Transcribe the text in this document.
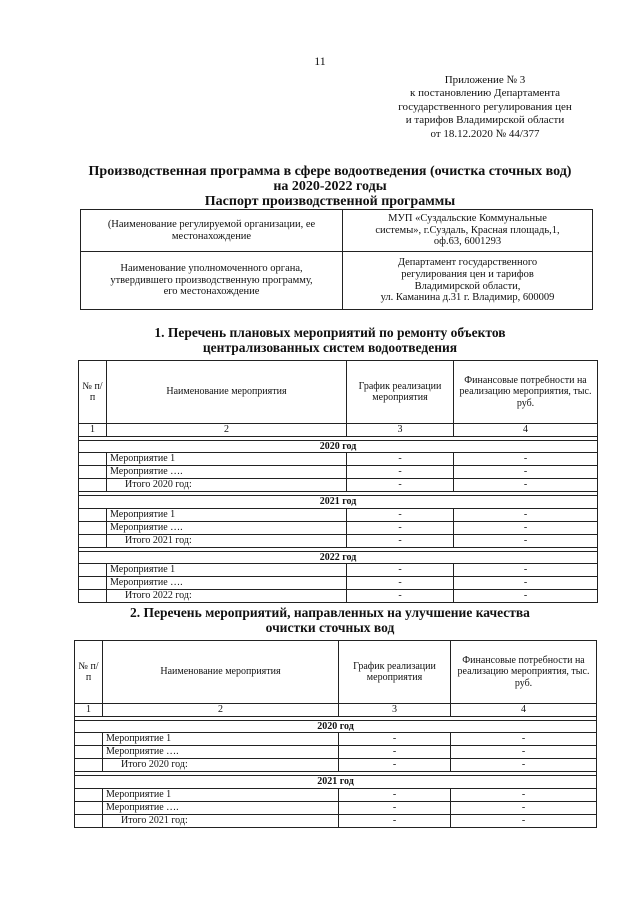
11
Приложение № 3
к постановлению Департамента
государственного регулирования цен
и тарифов Владимирской области
от 18.12.2020 № 44/377
Производственная программа в сфере водоотведения (очистка сточных вод)
на 2020-2022 годы
Паспорт производственной программы
(Наименование регулируемой организации, ее
местонахождение	МУП «Суздальские Коммунальные
системы», г.Суздаль, Красная площадь,1,
оф.63, 6001293
Наименование уполномоченного органа,
утвердившего производственную программу,
его местонахождение	Департамент государственного
регулирования цен и тарифов
Владимирской области,
ул. Каманина д.31 г. Владимир, 600009
1. Перечень плановых мероприятий по ремонту объектов
централизованных систем водоотведения
№ п/п	Наименование мероприятия	График реализации мероприятия	Финансовые потребности на реализацию мероприятия, тыс. руб.
1	2	3	4

2020 год			
	Мероприятие 1	-	-
	Мероприятие ….	-	-
	Итого 2020 год:	-	-

2021 год			
	Мероприятие 1	-	-
	Мероприятие ….	-	-
	Итого 2021 год:	-	-

2022 год			
	Мероприятие 1	-	-
	Мероприятие ….	-	-
	Итого 2022 год:	-	-
2. Перечень мероприятий, направленных на улучшение качества
очистки сточных вод
№ п/п	Наименование мероприятия	График реализации мероприятия	Финансовые потребности на реализацию мероприятия, тыс. руб.
1	2	3	4

2020 год			
	Мероприятие 1	-	-
	Мероприятие ….	-	-
	Итого 2020 год:	-	-

2021 год			
	Мероприятие 1	-	-
	Мероприятие ….	-	-
	Итого 2021 год:	-	-
